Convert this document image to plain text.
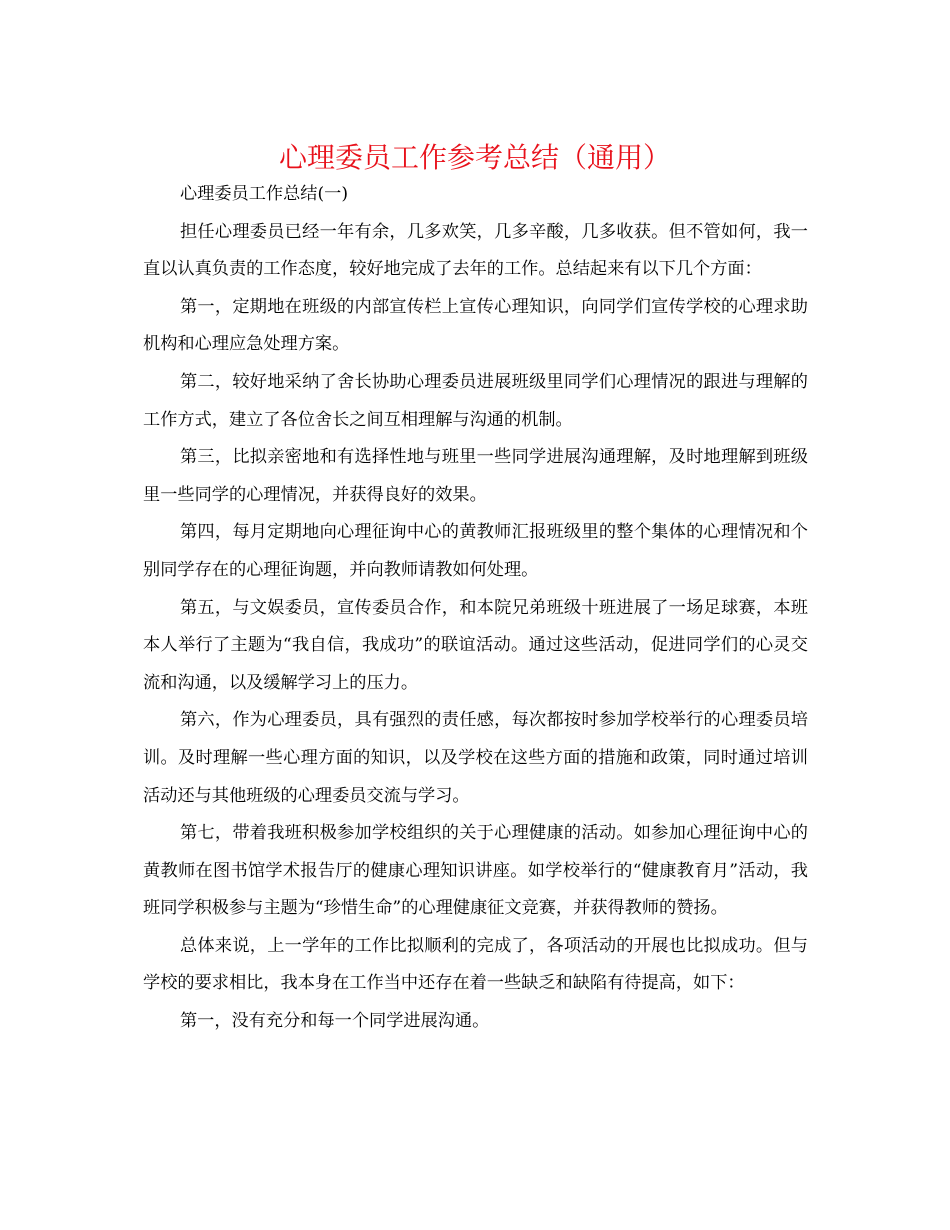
心理委员工作参考总结（通用）

心理委员工作总结(一)

担任心理委员已经一年有余，几多欢笑，几多辛酸，几多收获。但不管如何，我一直以认真负责的工作态度，较好地完成了去年的工作。总结起来有以下几个方面：

第一，定期地在班级的内部宣传栏上宣传心理知识，向同学们宣传学校的心理求助机构和心理应急处理方案。

第二，较好地采纳了舍长协助心理委员进展班级里同学们心理情况的跟进与理解的工作方式，建立了各位舍长之间互相理解与沟通的机制。

第三，比拟亲密地和有选择性地与班里一些同学进展沟通理解，及时地理解到班级里一些同学的心理情况，并获得良好的效果。

第四，每月定期地向心理征询中心的黄教师汇报班级里的整个集体的心理情况和个别同学存在的心理征询题，并向教师请教如何处理。

第五，与文娱委员，宣传委员合作，和本院兄弟班级十班进展了一场足球赛，本班本人举行了主题为“我自信，我成功”的联谊活动。通过这些活动，促进同学们的心灵交流和沟通，以及缓解学习上的压力。

第六，作为心理委员，具有强烈的责任感，每次都按时参加学校举行的心理委员培训。及时理解一些心理方面的知识，以及学校在这些方面的措施和政策，同时通过培训活动还与其他班级的心理委员交流与学习。

第七，带着我班积极参加学校组织的关于心理健康的活动。如参加心理征询中心的黄教师在图书馆学术报告厅的健康心理知识讲座。如学校举行的“健康教育月”活动，我班同学积极参与主题为“珍惜生命”的心理健康征文竞赛，并获得教师的赞扬。

总体来说，上一学年的工作比拟顺利的完成了，各项活动的开展也比拟成功。但与学校的要求相比，我本身在工作当中还存在着一些缺乏和缺陷有待提高，如下：

第一，没有充分和每一个同学进展沟通。
